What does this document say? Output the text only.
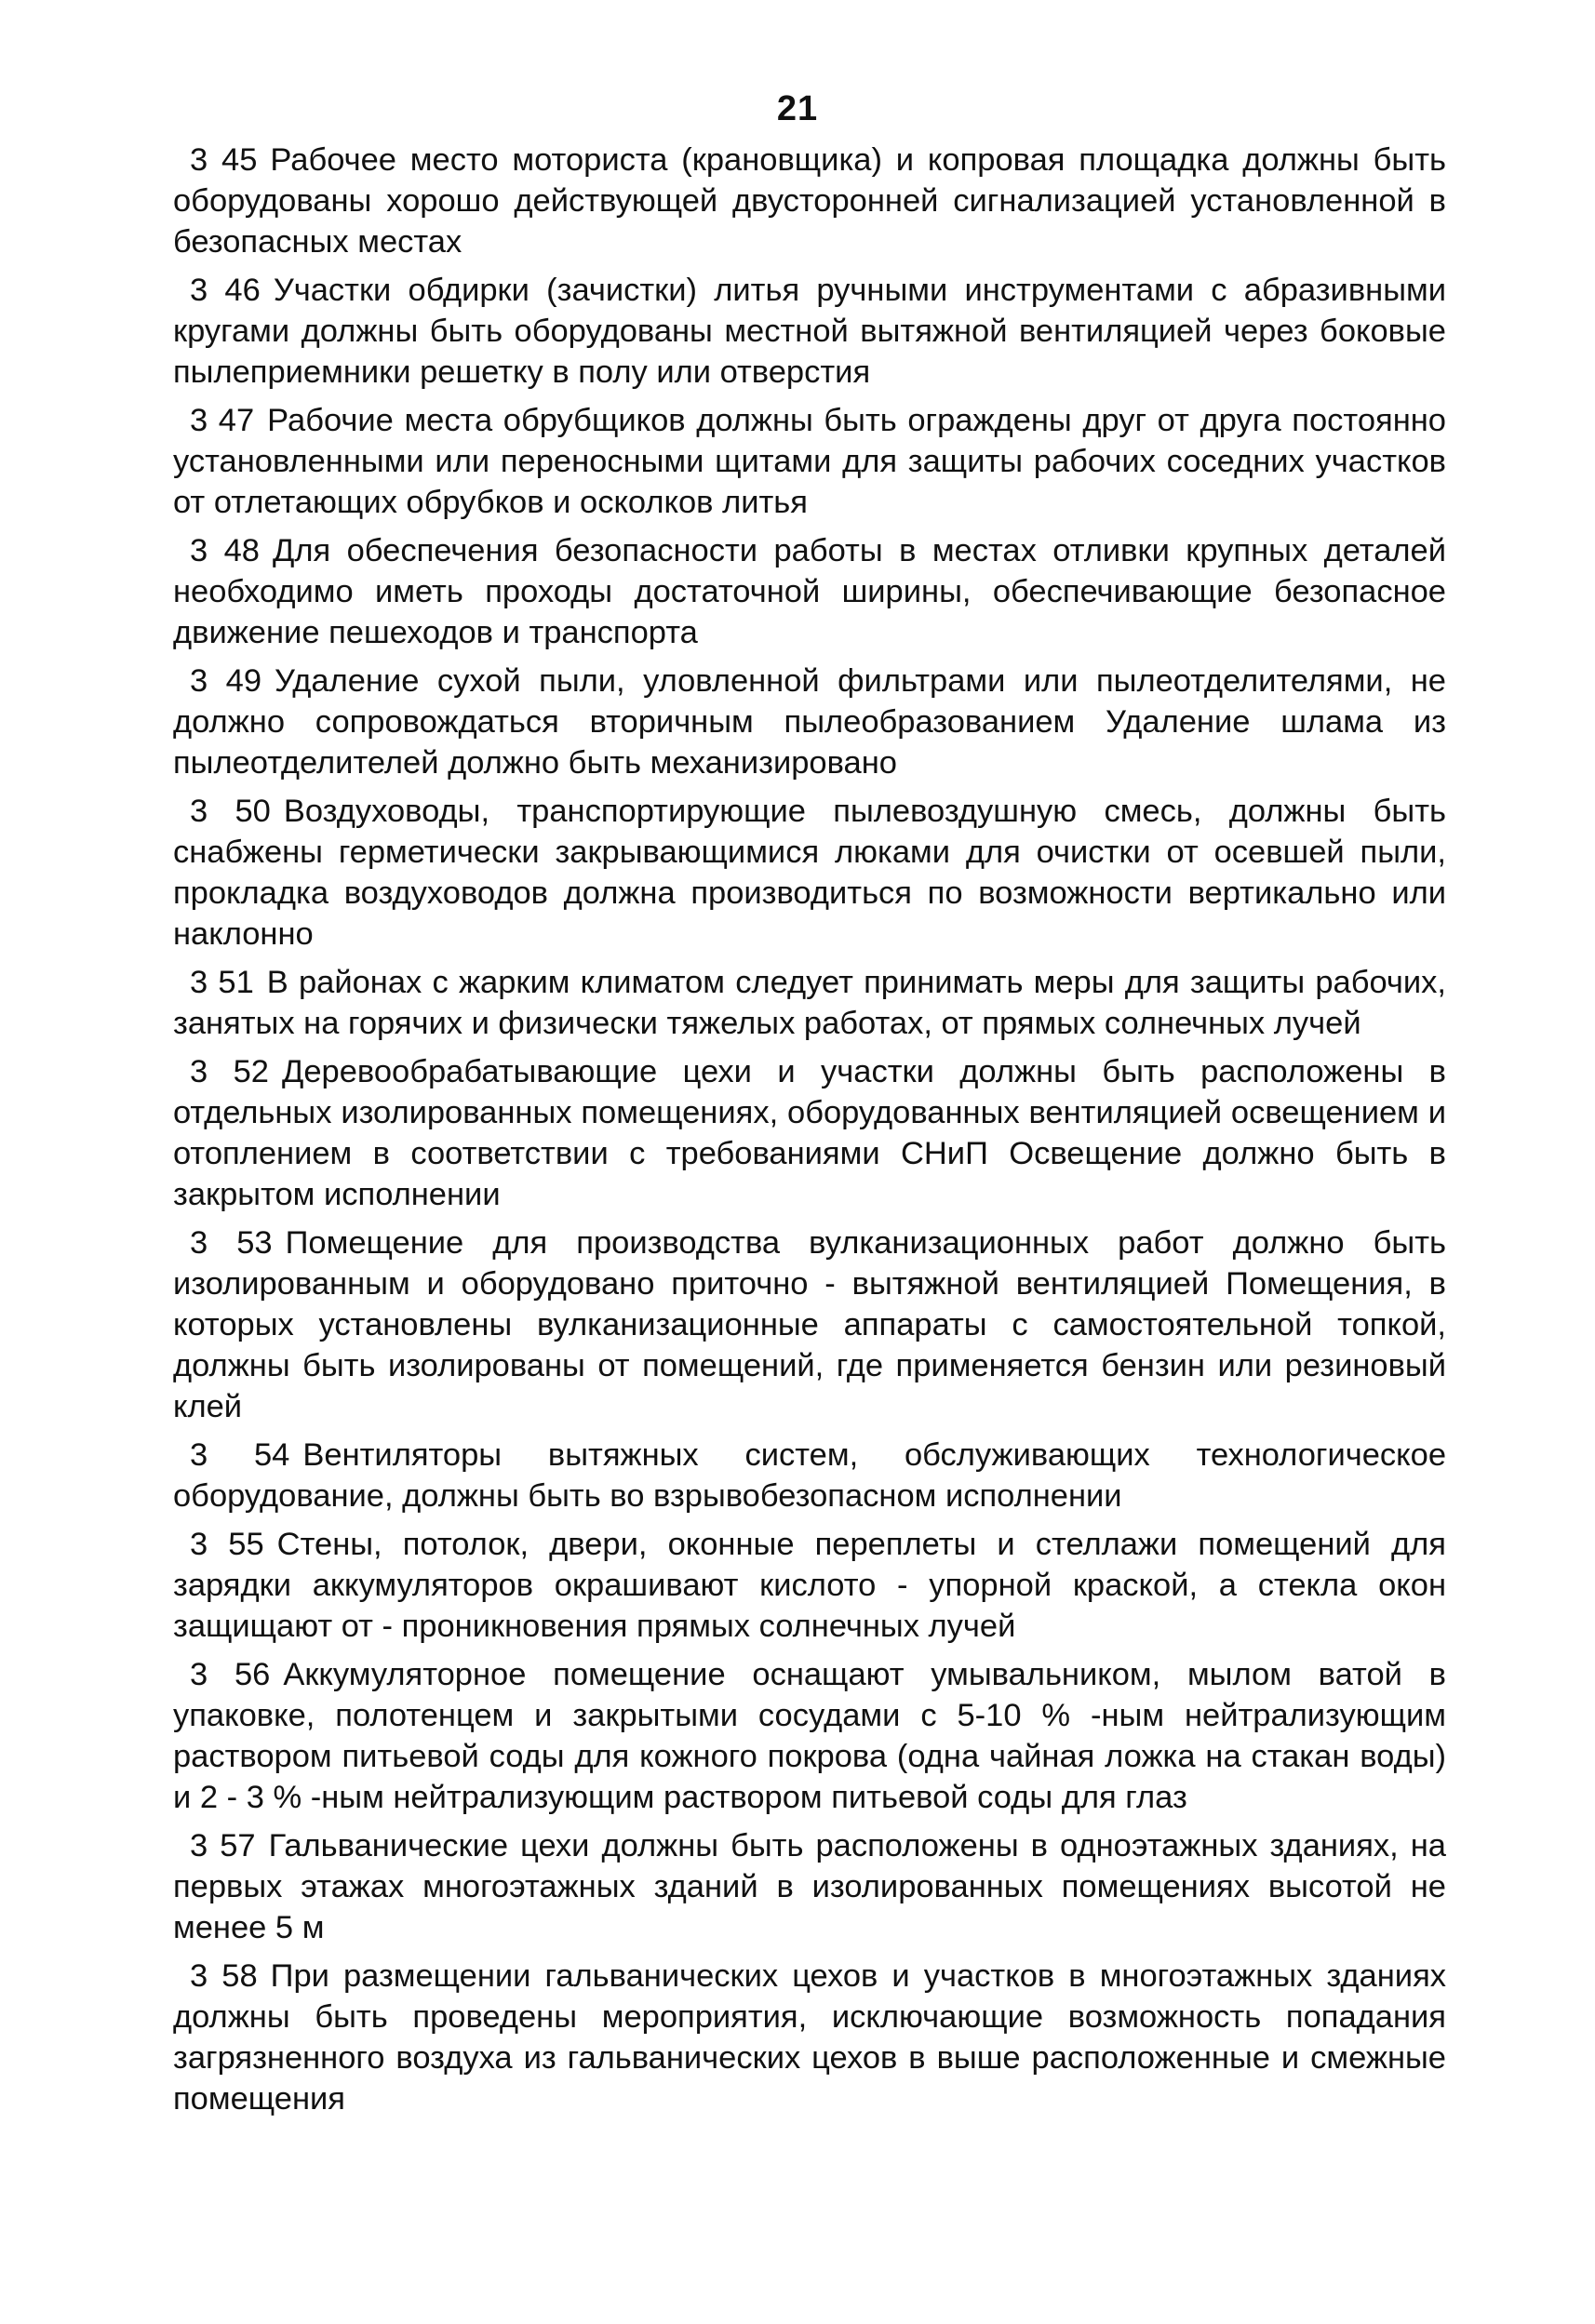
21

3 45 Рабочее место моториста (крановщика) и копровая площадка должны быть оборудованы хорошо действующей двусторонней сигнализацией установленной в безопасных местах

3 46 Участки обдирки (зачистки) литья ручными инструментами с абразивными кругами должны быть оборудованы местной вытяжной вентиляцией через боковые пылеприемники решетку в полу или отверстия

3 47 Рабочие места обрубщиков должны быть ограждены друг от друга постоянно установленными или переносными щитами для защиты рабочих соседних участков от отлетающих обрубков и осколков литья

3 48 Для обеспечения безопасности работы в местах отливки крупных деталей необходимо иметь проходы достаточной ширины, обеспечивающие безопасное движение пешеходов и транспорта

3 49 Удаление сухой пыли, уловленной фильтрами или пылеотделителями, не должно сопровождаться вторичным пылеобразованием Удаление шлама из пылеотделителей должно быть механизировано

3 50 Воздуховоды, транспортирующие пылевоздушную смесь, должны быть снабжены герметически закрывающимися люками для очистки от осевшей пыли, прокладка воздуховодов должна производиться по возможности вертикально или наклонно

3 51 В районах с жарким климатом следует принимать меры для защиты рабочих, занятых на горячих и физически тяжелых работах, от прямых солнечных лучей

3 52 Деревообрабатывающие цехи и участки должны быть расположены в отдельных изолированных помещениях, оборудованных вентиляцией освещением и отоплением в соответствии с требованиями СНиП Освещение должно быть в закрытом исполнении

3 53 Помещение для производства вулканизационных работ должно быть изолированным и оборудовано приточно - вытяжной вентиляцией Помещения, в которых установлены вулканизационные аппараты с самостоятельной топкой, должны быть изолированы от помещений, где применяется бензин или резиновый клей

3 54 Вентиляторы вытяжных систем, обслуживающих технологическое оборудование, должны быть во взрывобезопасном исполнении

3 55 Стены, потолок, двери, оконные переплеты и стеллажи помещений для зарядки аккумуляторов окрашивают кислото - упорной краской, а стекла окон защищают от - проникновения прямых солнечных лучей

3 56 Аккумуляторное помещение оснащают умывальником, мылом ватой в упаковке, полотенцем и закрытыми сосудами с 5-10 % -ным нейтрализующим раствором питьевой соды для кожного покрова (одна чайная ложка на стакан воды) и 2 - 3 % -ным нейтрализующим раствором питьевой соды для глаз

3 57 Гальванические цехи должны быть расположены в одноэтажных зданиях, на первых этажах многоэтажных зданий в изолированных помещениях высотой не менее 5 м

3 58 При размещении гальванических цехов и участков в многоэтажных зданиях должны быть проведены мероприятия, исключающие возможность попадания загрязненного воздуха из гальванических цехов в выше расположенные и смежные помещения
